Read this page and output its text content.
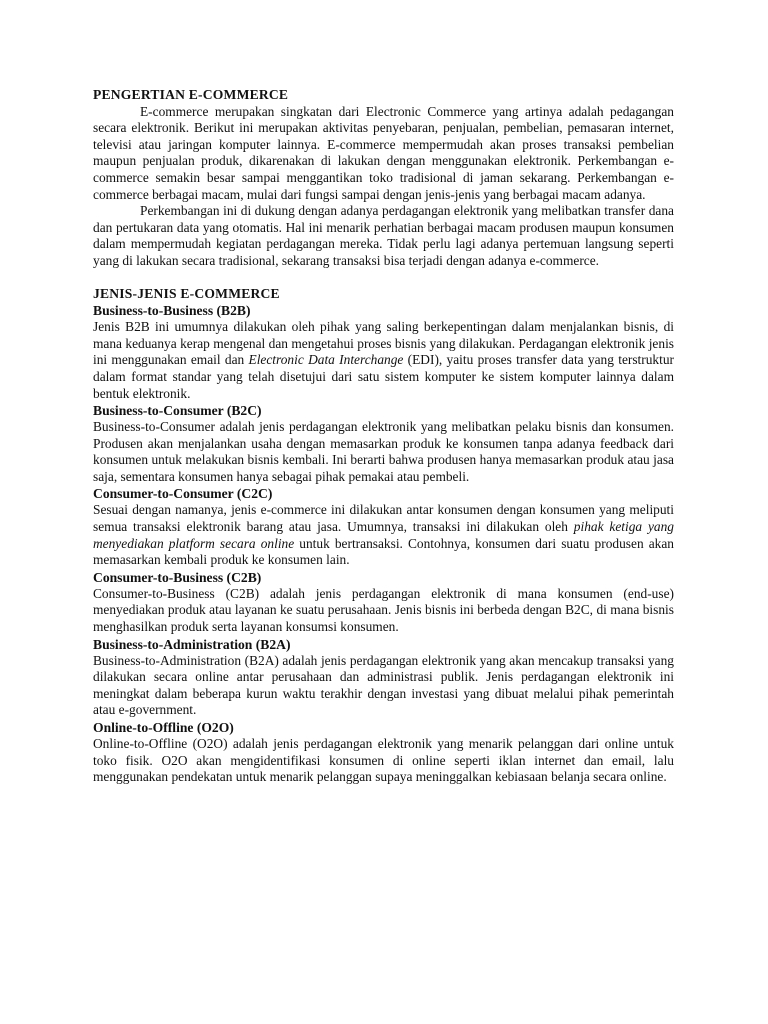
PENGERTIAN E-COMMERCE

E-commerce merupakan singkatan dari Electronic Commerce yang artinya adalah pedagangan secara elektronik. Berikut ini merupakan aktivitas penyebaran, penjualan, pembelian, pemasaran internet, televisi atau jaringan komputer lainnya. E-commerce mempermudah akan proses transaksi pembelian maupun penjualan produk, dikarenakan di lakukan dengan menggunakan elektronik. Perkembangan e-commerce semakin besar sampai menggantikan toko tradisional di jaman sekarang. Perkembangan e-commerce berbagai macam, mulai dari fungsi sampai dengan jenis-jenis yang berbagai macam adanya.

Perkembangan ini di dukung dengan adanya perdagangan elektronik yang melibatkan transfer dana dan pertukaran data yang otomatis. Hal ini menarik perhatian berbagai macam produsen maupun konsumen dalam mempermudah kegiatan perdagangan mereka. Tidak perlu lagi adanya pertemuan langsung seperti yang di lakukan secara tradisional, sekarang transaksi bisa terjadi dengan adanya e-commerce.

JENIS-JENIS E-COMMERCE
Business-to-Business (B2B)

Jenis B2B ini umumnya dilakukan oleh pihak yang saling berkepentingan dalam menjalankan bisnis, di mana keduanya kerap mengenal dan mengetahui proses bisnis yang dilakukan. Perdagangan elektronik jenis ini menggunakan email dan Electronic Data Interchange (EDI), yaitu proses transfer data yang terstruktur dalam format standar yang telah disetujui dari satu sistem komputer ke sistem komputer lainnya dalam bentuk elektronik.

Business-to-Consumer (B2C)

Business-to-Consumer adalah jenis perdagangan elektronik yang melibatkan pelaku bisnis dan konsumen. Produsen akan menjalankan usaha dengan memasarkan produk ke konsumen tanpa adanya feedback dari konsumen untuk melakukan bisnis kembali. Ini berarti bahwa produsen hanya memasarkan produk atau jasa saja, sementara konsumen hanya sebagai pihak pemakai atau pembeli.

Consumer-to-Consumer (C2C)

Sesuai dengan namanya, jenis e-commerce ini dilakukan antar konsumen dengan konsumen yang meliputi semua transaksi elektronik barang atau jasa. Umumnya, transaksi ini dilakukan oleh pihak ketiga yang menyediakan platform secara online untuk bertransaksi. Contohnya, konsumen dari suatu produsen akan memasarkan kembali produk ke konsumen lain.

Consumer-to-Business (C2B)

Consumer-to-Business (C2B) adalah jenis perdagangan elektronik di mana konsumen (end-use) menyediakan produk atau layanan ke suatu perusahaan. Jenis bisnis ini berbeda dengan B2C, di mana bisnis menghasilkan produk serta layanan konsumsi konsumen.

Business-to-Administration (B2A)

Business-to-Administration (B2A) adalah jenis perdagangan elektronik yang akan mencakup transaksi yang dilakukan secara online antar perusahaan dan administrasi publik. Jenis perdagangan elektronik ini meningkat dalam beberapa kurun waktu terakhir dengan investasi yang dibuat melalui pihak pemerintah atau e-government.

Online-to-Offline (O2O)

Online-to-Offline (O2O) adalah jenis perdagangan elektronik yang menarik pelanggan dari online untuk toko fisik. O2O akan mengidentifikasi konsumen di online seperti iklan internet dan email, lalu menggunakan pendekatan untuk menarik pelanggan supaya meninggalkan kebiasaan belanja secara online.
